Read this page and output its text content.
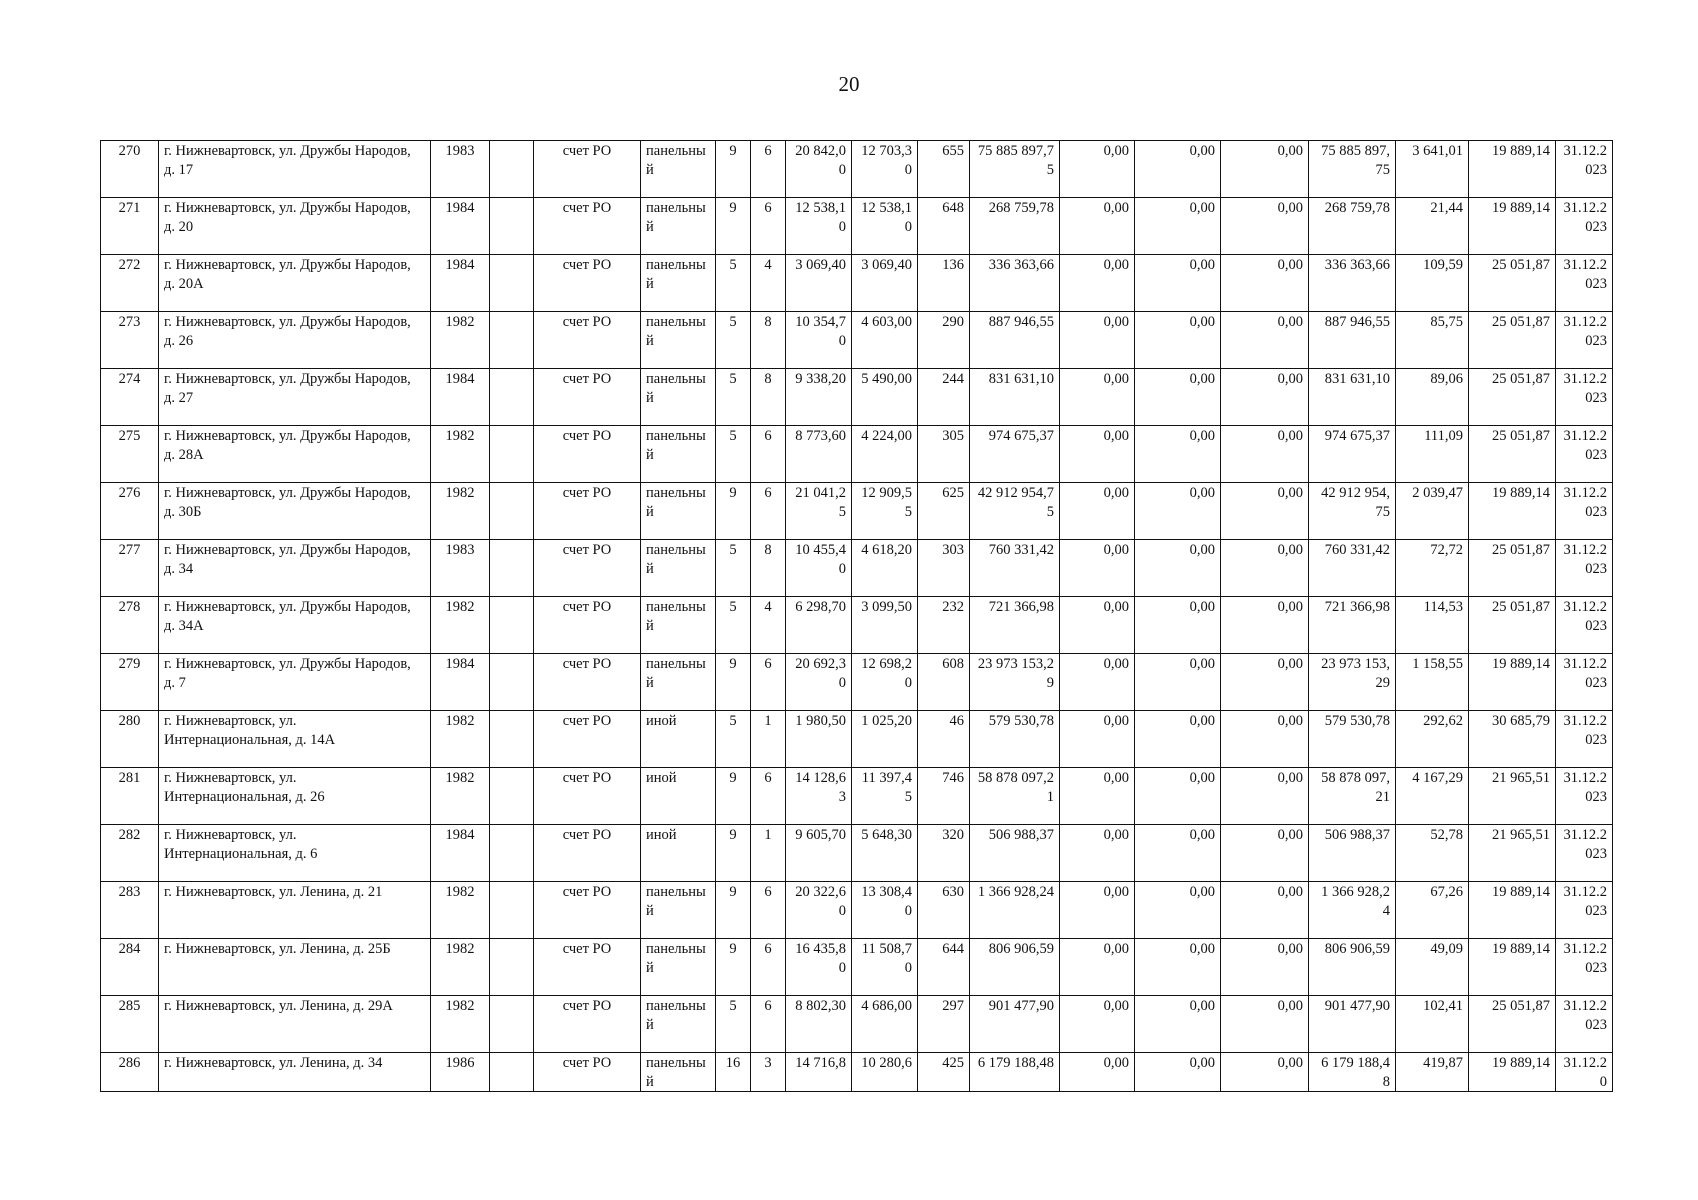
20
270	г. Нижневартовск, ул. Дружбы Народов, д. 17	1983		счет РО	панельный	9	6	20 842,00	12 703,30	655	75 885 897,75	0,00	0,00	0,00	75 885 897,75	3 641,01	19 889,14	31.12.2023
271	г. Нижневартовск, ул. Дружбы Народов, д. 20	1984		счет РО	панельный	9	6	12 538,10	12 538,10	648	268 759,78	0,00	0,00	0,00	268 759,78	21,44	19 889,14	31.12.2023
272	г. Нижневартовск, ул. Дружбы Народов, д. 20А	1984		счет РО	панельный	5	4	3 069,40	3 069,40	136	336 363,66	0,00	0,00	0,00	336 363,66	109,59	25 051,87	31.12.2023
273	г. Нижневартовск, ул. Дружбы Народов, д. 26	1982		счет РО	панельный	5	8	10 354,70	4 603,00	290	887 946,55	0,00	0,00	0,00	887 946,55	85,75	25 051,87	31.12.2023
274	г. Нижневартовск, ул. Дружбы Народов, д. 27	1984		счет РО	панельный	5	8	9 338,20	5 490,00	244	831 631,10	0,00	0,00	0,00	831 631,10	89,06	25 051,87	31.12.2023
275	г. Нижневартовск, ул. Дружбы Народов, д. 28А	1982		счет РО	панельный	5	6	8 773,60	4 224,00	305	974 675,37	0,00	0,00	0,00	974 675,37	111,09	25 051,87	31.12.2023
276	г. Нижневартовск, ул. Дружбы Народов, д. 30Б	1982		счет РО	панельный	9	6	21 041,25	12 909,55	625	42 912 954,75	0,00	0,00	0,00	42 912 954,75	2 039,47	19 889,14	31.12.2023
277	г. Нижневартовск, ул. Дружбы Народов, д. 34	1983		счет РО	панельный	5	8	10 455,40	4 618,20	303	760 331,42	0,00	0,00	0,00	760 331,42	72,72	25 051,87	31.12.2023
278	г. Нижневартовск, ул. Дружбы Народов, д. 34А	1982		счет РО	панельный	5	4	6 298,70	3 099,50	232	721 366,98	0,00	0,00	0,00	721 366,98	114,53	25 051,87	31.12.2023
279	г. Нижневартовск, ул. Дружбы Народов, д. 7	1984		счет РО	панельный	9	6	20 692,30	12 698,20	608	23 973 153,29	0,00	0,00	0,00	23 973 153,29	1 158,55	19 889,14	31.12.2023
280	г. Нижневартовск, ул. Интернациональная, д. 14А	1982		счет РО	иной	5	1	1 980,50	1 025,20	46	579 530,78	0,00	0,00	0,00	579 530,78	292,62	30 685,79	31.12.2023
281	г. Нижневартовск, ул. Интернациональная, д. 26	1982		счет РО	иной	9	6	14 128,63	11 397,45	746	58 878 097,21	0,00	0,00	0,00	58 878 097,21	4 167,29	21 965,51	31.12.2023
282	г. Нижневартовск, ул. Интернациональная, д. 6	1984		счет РО	иной	9	1	9 605,70	5 648,30	320	506 988,37	0,00	0,00	0,00	506 988,37	52,78	21 965,51	31.12.2023
283	г. Нижневартовск, ул. Ленина, д. 21	1982		счет РО	панельный	9	6	20 322,60	13 308,40	630	1 366 928,24	0,00	0,00	0,00	1 366 928,24	67,26	19 889,14	31.12.2023
284	г. Нижневартовск, ул. Ленина, д. 25Б	1982		счет РО	панельный	9	6	16 435,80	11 508,70	644	806 906,59	0,00	0,00	0,00	806 906,59	49,09	19 889,14	31.12.2023
285	г. Нижневартовск, ул. Ленина, д. 29А	1982		счет РО	панельный	5	6	8 802,30	4 686,00	297	901 477,90	0,00	0,00	0,00	901 477,90	102,41	25 051,87	31.12.2023
286	г. Нижневартовск, ул. Ленина, д. 34	1986		счет РО	панельный	16	3	14 716,8	10 280,6	425	6 179 188,48	0,00	0,00	0,00	6 179 188,48	419,87	19 889,14	31.12.20
